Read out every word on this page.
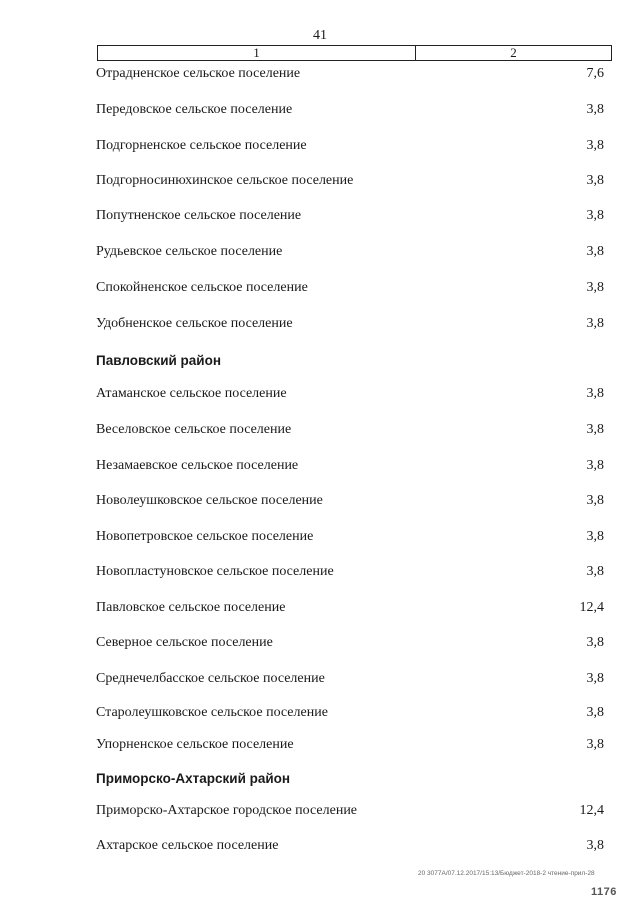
41
1	2
Отрадненское сельское поселение	7,6
Передовское сельское поселение	3,8
Подгорненское сельское поселение	3,8
Подгорносинюхинское сельское поселение	3,8
Попутненское сельское поселение	3,8
Рудьевское сельское поселение	3,8
Спокойненское сельское поселение	3,8
Удобненское сельское поселение	3,8
Павловский район
Атаманское сельское поселение	3,8
Веселовское сельское поселение	3,8
Незамаевское сельское поселение	3,8
Новолеушковское сельское поселение	3,8
Новопетровское сельское поселение	3,8
Новопластуновское сельское поселение	3,8
Павловское сельское поселение	12,4
Северное сельское поселение	3,8
Среднечелбасское сельское поселение	3,8
Старолеушковское сельское поселение	3,8
Упорненское сельское поселение	3,8
Приморско-Ахтарский район
Приморско-Ахтарское городское поселение	12,4
Ахтарское сельское поселение	3,8
20 3077А/07.12.2017/15:13/Бюджет-2018-2 чтение-прил-28
1176
